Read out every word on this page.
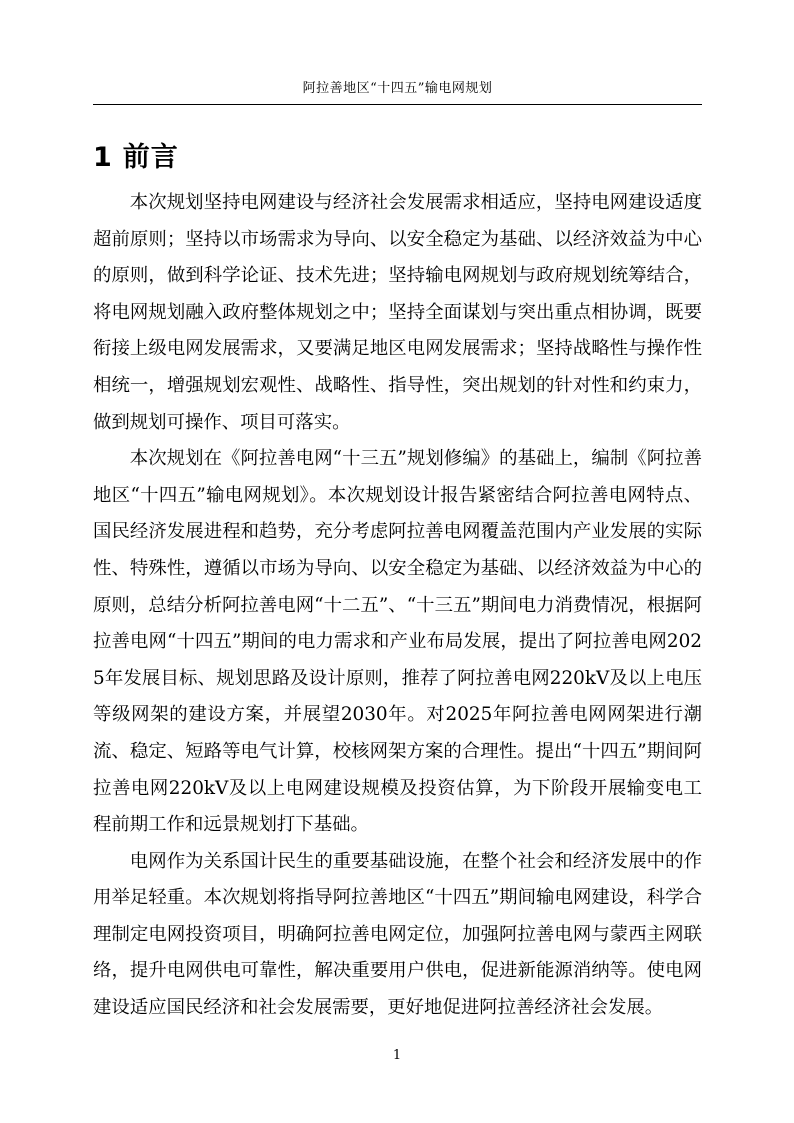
阿拉善地区“十四五”输电网规划
1 前言

本次规划坚持电网建设与经济社会发展需求相适应，坚持电网建设适度超前原则；坚持以市场需求为导向、以安全稳定为基础、以经济效益为中心的原则，做到科学论证、技术先进；坚持输电网规划与政府规划统筹结合，将电网规划融入政府整体规划之中；坚持全面谋划与突出重点相协调，既要衔接上级电网发展需求，又要满足地区电网发展需求；坚持战略性与操作性相统一，增强规划宏观性、战略性、指导性，突出规划的针对性和约束力，做到规划可操作、项目可落实。

本次规划在《阿拉善电网“十三五”规划修编》的基础上，编制《阿拉善地区“十四五”输电网规划》。本次规划设计报告紧密结合阿拉善电网特点、国民经济发展进程和趋势，充分考虑阿拉善电网覆盖范围内产业发展的实际性、特殊性，遵循以市场为导向、以安全稳定为基础、以经济效益为中心的原则，总结分析阿拉善电网“十二五”、“十三五”期间电力消费情况，根据阿拉善电网“十四五”期间的电力需求和产业布局发展，提出了阿拉善电网2025年发展目标、规划思路及设计原则，推荐了阿拉善电网220kV及以上电压等级网架的建设方案，并展望2030年。对2025年阿拉善电网网架进行潮流、稳定、短路等电气计算，校核网架方案的合理性。提出“十四五”期间阿拉善电网220kV及以上电网建设规模及投资估算，为下阶段开展输变电工程前期工作和远景规划打下基础。

电网作为关系国计民生的重要基础设施，在整个社会和经济发展中的作用举足轻重。本次规划将指导阿拉善地区“十四五”期间输电网建设，科学合理制定电网投资项目，明确阿拉善电网定位，加强阿拉善电网与蒙西主网联络，提升电网供电可靠性，解决重要用户供电，促进新能源消纳等。使电网建设适应国民经济和社会发展需要，更好地促进阿拉善经济社会发展。

1
